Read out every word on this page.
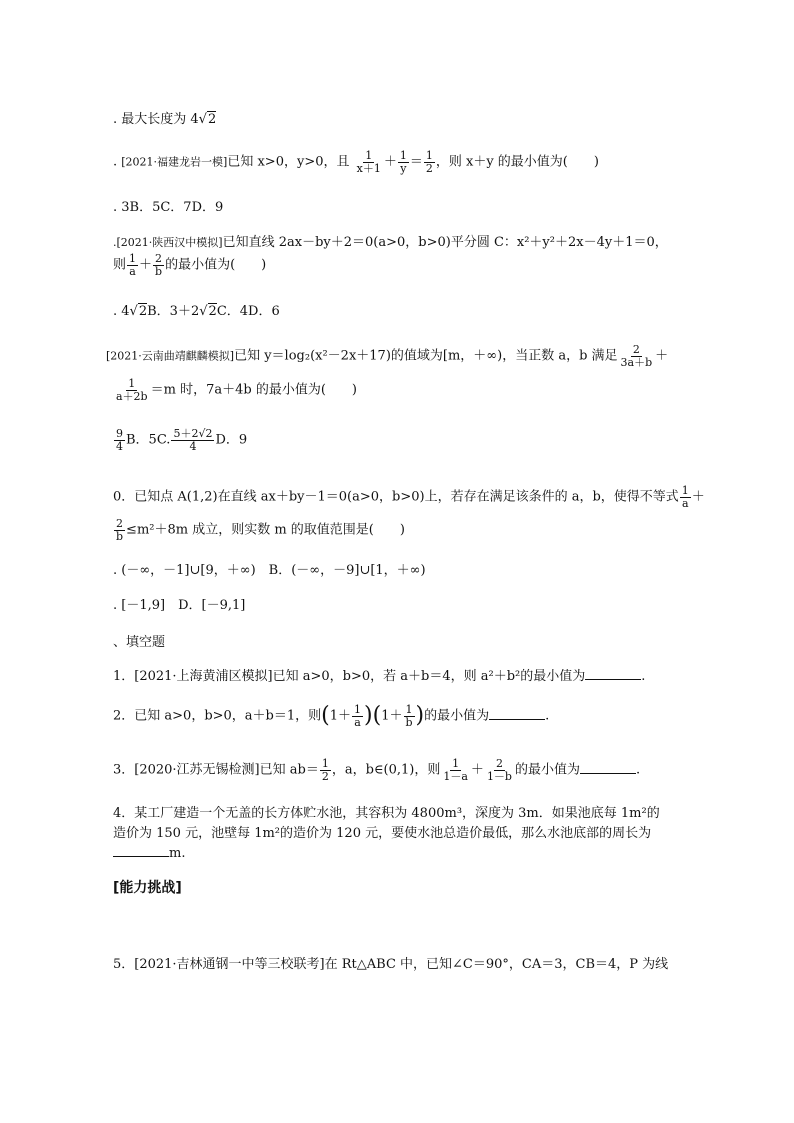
. 最大长度为 4√2
. [2021·福建龙岩一模]已知 x>0，y>0，且 $\frac{1}{x+1} + \frac{1}{y} = \frac{1}{2}$ ，则 x＋y 的最小值为(　　)
. 3B．5C．7D．9
.[2021·陕西汉中模拟]已知直线 2ax－by＋2＝0(a>0，b>0)平分圆 C：x²＋y²＋2x－4y＋1＝0，
则 $\frac{1}{a} + \frac{2}{b}$ 的最小值为(　　)
. 4√2B．3＋2√2C．4D．6
[2021·云南曲靖麒麟模拟]已知 y＝log₂(x²－2x＋17)的值域为[m，＋∞)，当正数 a，b 满足 $\frac{2}{3a+b}$ ＋
$\frac{1}{a+2b} =m$ 时，7a＋4b 的最小值为(　　)
$\frac{9}{4}$ B．5C. $\frac{5+2√2}{4}$ D．9
0．已知点 A(1,2)在直线 ax＋by－1＝0(a>0，b>0)上，若存在满足该条件的 a，b，使得不等式 $\frac{1}{a}$ ＋
$\frac{2}{b} \le m^2+8m$ 成立，则实数 m 的取值范围是(　　)
. (－∞，－1]∪[9，＋∞)　B．(－∞，－9]∪[1，＋∞)
. [－1,9]　D．[－9,1]
、填空题
1．[2021·上海黄浦区模拟]已知 a>0，b>0，若 a＋b＝4，则 a²＋b²的最小值为	.
2．已知 a>0，b>0，a＋b＝1，则$(1+ \frac{1}{a} )(1+ \frac{1}{b}$ )的最小值为	.
3．[2020·江苏无锡检测]已知 $ab= \frac{1}{2}$ ，a，b∈(0,1)，则 $\frac{1}{1-a} + \frac{2}{1-b}$ 的最小值为	.
4．某工厂建造一个无盖的长方体贮水池，其容积为 4800m³，深度为 3m．如果池底每 1m²的
造价为 150 元，池壁每 1m²的造价为 120 元，要使水池总造价最低，那么水池底部的周长为
m.
[能力挑战]
5．[2021·吉林通钢一中等三校联考]在 Rt△ABC 中，已知∠C＝90°，CA＝3，CB＝4，P 为线
